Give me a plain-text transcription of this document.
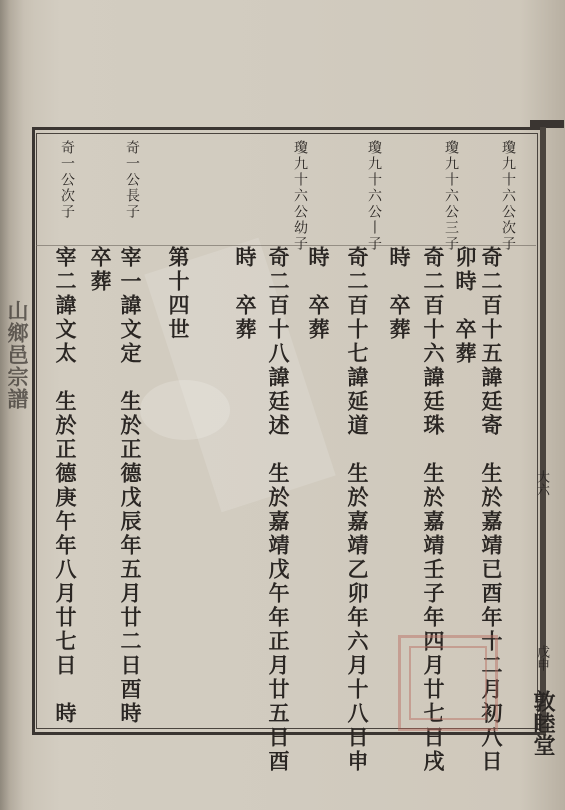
山鄉邑宗譜
瓊九十六公次子
瓊九十六公三子
瓊九十六公丨子
瓊九十六公幼子
奇一公長子
奇一公次子
奇二百十五諱廷寄　生於嘉靖已酉年十二月初八日
卯時　卒葬
奇二百十六諱廷珠　生於嘉靖壬子年四月廿七日戌
時　卒葬
奇二百十七諱延道　生於嘉靖乙卯年六月十八日申
時　卒葬
奇二百十八諱廷述　生於嘉靖戊午年正月廿五日酉
時　卒葬
第十四世
宰一諱文定　生於正德戊辰年五月廿二日酉時
卒葬
宰二諱文太　生於正德庚午年八月廿七日　時	大六
戊申
敦睦堂
